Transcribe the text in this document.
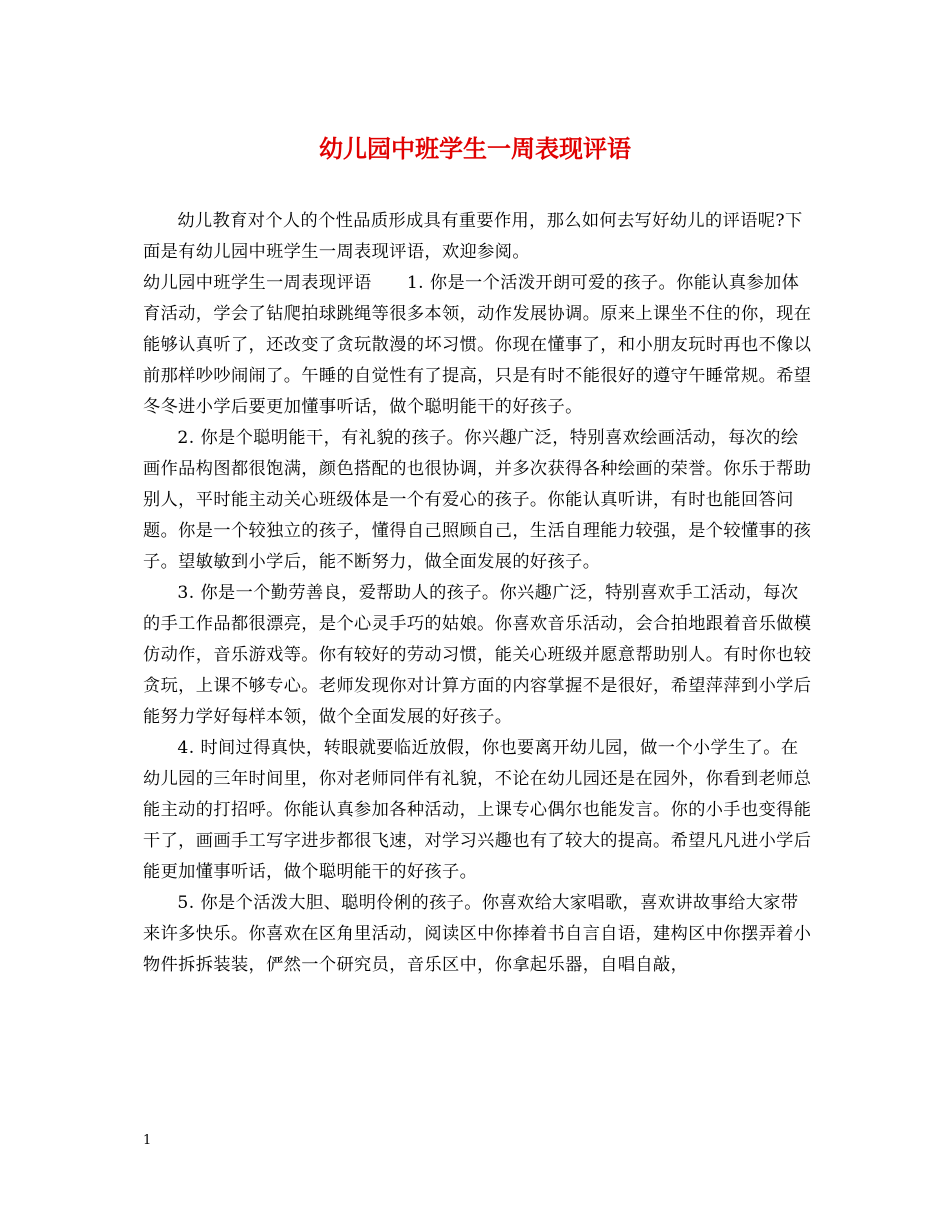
幼儿园中班学生一周表现评语

幼儿教育对个人的个性品质形成具有重要作用，那么如何去写好幼儿的评语呢?下面是有幼儿园中班学生一周表现评语，欢迎参阅。

幼儿园中班学生一周表现评语　　1. 你是一个活泼开朗可爱的孩子。你能认真参加体育活动，学会了钻爬拍球跳绳等很多本领，动作发展协调。原来上课坐不住的你，现在能够认真听了，还改变了贪玩散漫的坏习惯。你现在懂事了，和小朋友玩时再也不像以前那样吵吵闹闹了。午睡的自觉性有了提高，只是有时不能很好的遵守午睡常规。希望冬冬进小学后要更加懂事听话，做个聪明能干的好孩子。

2. 你是个聪明能干，有礼貌的孩子。你兴趣广泛，特别喜欢绘画活动，每次的绘画作品构图都很饱满，颜色搭配的也很协调，并多次获得各种绘画的荣誉。你乐于帮助别人，平时能主动关心班级体是一个有爱心的孩子。你能认真听讲，有时也能回答问题。你是一个较独立的孩子，懂得自己照顾自己，生活自理能力较强，是个较懂事的孩子。望敏敏到小学后，能不断努力，做全面发展的好孩子。

3. 你是一个勤劳善良，爱帮助人的孩子。你兴趣广泛，特别喜欢手工活动，每次的手工作品都很漂亮，是个心灵手巧的姑娘。你喜欢音乐活动，会合拍地跟着音乐做模仿动作，音乐游戏等。你有较好的劳动习惯，能关心班级并愿意帮助别人。有时你也较贪玩，上课不够专心。老师发现你对计算方面的内容掌握不是很好，希望萍萍到小学后能努力学好每样本领，做个全面发展的好孩子。

4. 时间过得真快，转眼就要临近放假，你也要离开幼儿园，做一个小学生了。在幼儿园的三年时间里，你对老师同伴有礼貌，不论在幼儿园还是在园外，你看到老师总能主动的打招呼。你能认真参加各种活动，上课专心偶尔也能发言。你的小手也变得能干了，画画手工写字进步都很飞速，对学习兴趣也有了较大的提高。希望凡凡进小学后能更加懂事听话，做个聪明能干的好孩子。

5. 你是个活泼大胆、聪明伶俐的孩子。你喜欢给大家唱歌，喜欢讲故事给大家带来许多快乐。你喜欢在区角里活动，阅读区中你捧着书自言自语，建构区中你摆弄着小物件拆拆装装，俨然一个研究员，音乐区中，你拿起乐器，自唱自敲，

1
